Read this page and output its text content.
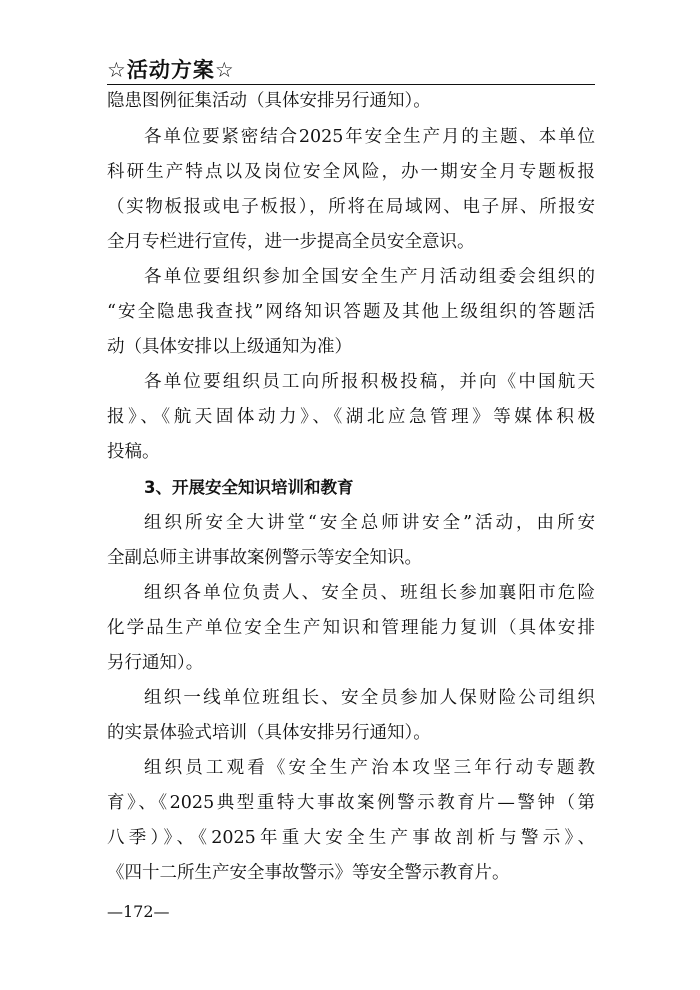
☆活动方案☆
隐患图例征集活动（具体安排另行通知）。
各单位要紧密结合2025年安全生产月的主题、本单位
科研生产特点以及岗位安全风险，办一期安全月专题板报
（实物板报或电子板报），所将在局域网、电子屏、所报安
全月专栏进行宣传，进一步提高全员安全意识。
各单位要组织参加全国安全生产月活动组委会组织的
“安全隐患我查找”网络知识答题及其他上级组织的答题活
动（具体安排以上级通知为准）
各单位要组织员工向所报积极投稿，并向《中国航天
报》、《航天固体动力》、《湖北应急管理》等媒体积极
投稿。
3、开展安全知识培训和教育
组织所安全大讲堂“安全总师讲安全”活动，由所安
全副总师主讲事故案例警示等安全知识。
组织各单位负责人、安全员、班组长参加襄阳市危险
化学品生产单位安全生产知识和管理能力复训（具体安排
另行通知）。
组织一线单位班组长、安全员参加人保财险公司组织
的实景体验式培训（具体安排另行通知）。
组织员工观看《安全生产治本攻坚三年行动专题教
育》、《2025典型重特大事故案例警示教育片—警钟（第
八季）》、《2025年重大安全生产事故剖析与警示》、
《四十二所生产安全事故警示》等安全警示教育片。
—172—
